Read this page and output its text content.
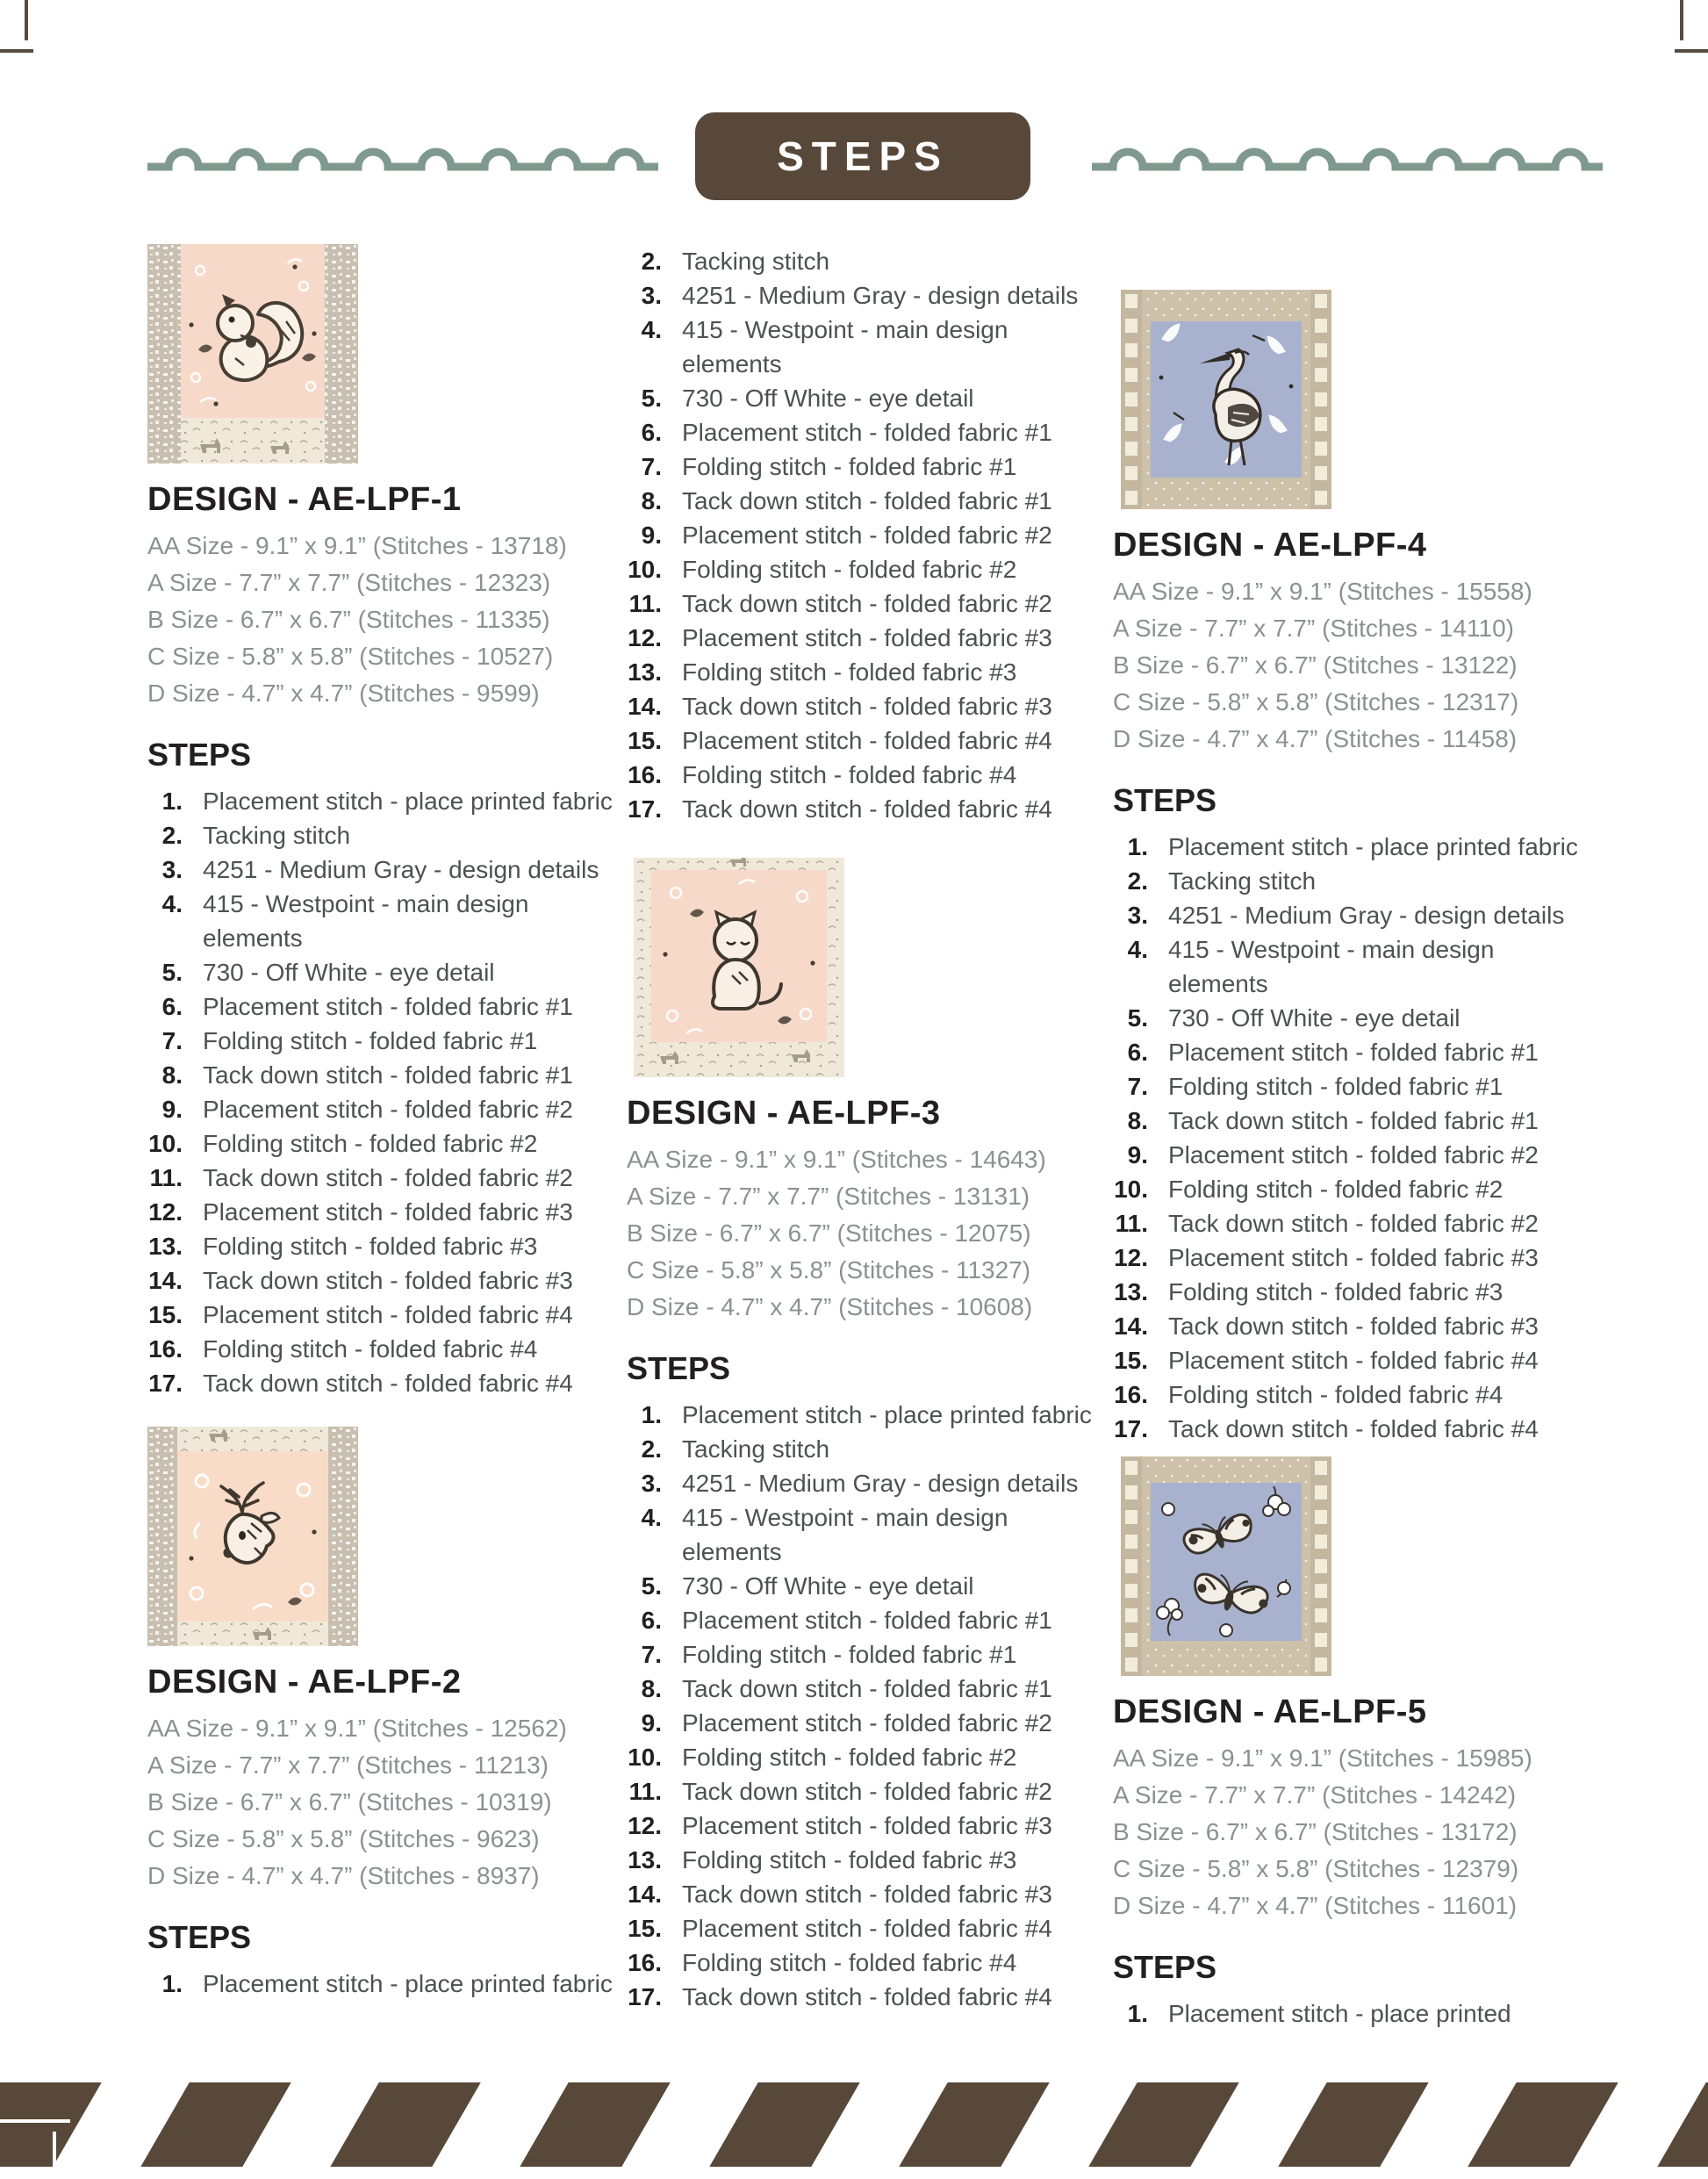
STEPS
DESIGN - AE-LPF-1
AA Size - 9.1” x 9.1” (Stitches - 13718)
A Size - 7.7” x 7.7” (Stitches - 12323)
B Size - 6.7” x 6.7” (Stitches - 11335)
C Size - 5.8” x 5.8” (Stitches - 10527)
D Size - 4.7” x 4.7” (Stitches - 9599)
STEPS
1. Placement stitch - place printed fabric
2. Tacking stitch
3. 4251 - Medium Gray - design details
4. 415 - Westpoint - main design elements
5. 730 - Off White - eye detail
6. Placement stitch - folded fabric #1
7. Folding stitch - folded fabric #1
8. Tack down stitch - folded fabric #1
9. Placement stitch - folded fabric #2
10. Folding stitch - folded fabric #2
11. Tack down stitch - folded fabric #2
12. Placement stitch - folded fabric #3
13. Folding stitch - folded fabric #3
14. Tack down stitch - folded fabric #3
15. Placement stitch - folded fabric #4
16. Folding stitch - folded fabric #4
17. Tack down stitch - folded fabric #4
DESIGN - AE-LPF-2
AA Size - 9.1” x 9.1” (Stitches - 12562)
A Size - 7.7” x 7.7” (Stitches - 11213)
B Size - 6.7” x 6.7” (Stitches - 10319)
C Size - 5.8” x 5.8” (Stitches - 9623)
D Size - 4.7” x 4.7” (Stitches - 8937)
STEPS
1. Placement stitch - place printed fabric
2. Tacking stitch
3. 4251 - Medium Gray - design details
4. 415 - Westpoint - main design elements
5. 730 - Off White - eye detail
6. Placement stitch - folded fabric #1
7. Folding stitch - folded fabric #1
8. Tack down stitch - folded fabric #1
9. Placement stitch - folded fabric #2
10. Folding stitch - folded fabric #2
11. Tack down stitch - folded fabric #2
12. Placement stitch - folded fabric #3
13. Folding stitch - folded fabric #3
14. Tack down stitch - folded fabric #3
15. Placement stitch - folded fabric #4
16. Folding stitch - folded fabric #4
17. Tack down stitch - folded fabric #4
DESIGN - AE-LPF-3
AA Size - 9.1” x 9.1” (Stitches - 14643)
A Size - 7.7” x 7.7” (Stitches - 13131)
B Size - 6.7” x 6.7” (Stitches - 12075)
C Size - 5.8” x 5.8” (Stitches - 11327)
D Size - 4.7” x 4.7” (Stitches - 10608)
STEPS
1. Placement stitch - place printed fabric
2. Tacking stitch
3. 4251 - Medium Gray - design details
4. 415 - Westpoint - main design elements
5. 730 - Off White - eye detail
6. Placement stitch - folded fabric #1
7. Folding stitch - folded fabric #1
8. Tack down stitch - folded fabric #1
9. Placement stitch - folded fabric #2
10. Folding stitch - folded fabric #2
11. Tack down stitch - folded fabric #2
12. Placement stitch - folded fabric #3
13. Folding stitch - folded fabric #3
14. Tack down stitch - folded fabric #3
15. Placement stitch - folded fabric #4
16. Folding stitch - folded fabric #4
17. Tack down stitch - folded fabric #4
DESIGN - AE-LPF-4
AA Size - 9.1” x 9.1” (Stitches - 15558)
A Size - 7.7” x 7.7” (Stitches - 14110)
B Size - 6.7” x 6.7” (Stitches - 13122)
C Size - 5.8” x 5.8” (Stitches - 12317)
D Size - 4.7” x 4.7” (Stitches - 11458)
STEPS
1. Placement stitch - place printed fabric
2. Tacking stitch
3. 4251 - Medium Gray - design details
4. 415 - Westpoint - main design elements
5. 730 - Off White - eye detail
6. Placement stitch - folded fabric #1
7. Folding stitch - folded fabric #1
8. Tack down stitch - folded fabric #1
9. Placement stitch - folded fabric #2
10. Folding stitch - folded fabric #2
11. Tack down stitch - folded fabric #2
12. Placement stitch - folded fabric #3
13. Folding stitch - folded fabric #3
14. Tack down stitch - folded fabric #3
15. Placement stitch - folded fabric #4
16. Folding stitch - folded fabric #4
17. Tack down stitch - folded fabric #4
DESIGN - AE-LPF-5
AA Size - 9.1” x 9.1” (Stitches - 15985)
A Size - 7.7” x 7.7” (Stitches - 14242)
B Size - 6.7” x 6.7” (Stitches - 13172)
C Size - 5.8” x 5.8” (Stitches - 12379)
D Size - 4.7” x 4.7” (Stitches - 11601)
STEPS
1. Placement stitch - place printed
